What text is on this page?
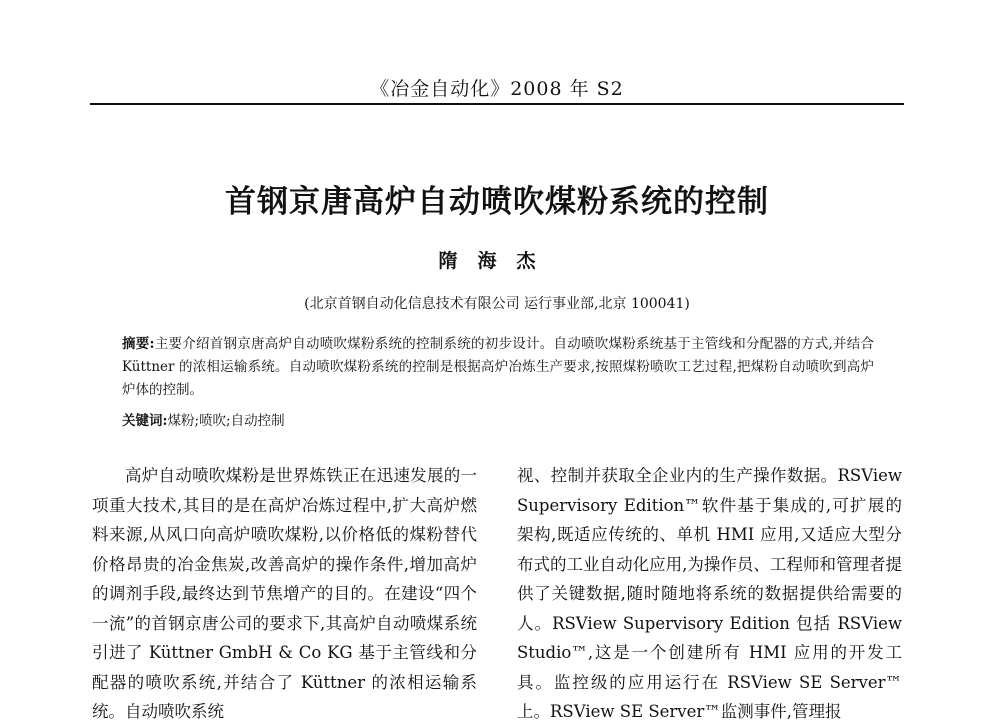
《冶金自动化》2008 年 S2
首钢京唐高炉自动喷吹煤粉系统的控制
隋海杰
(北京首钢自动化信息技术有限公司 运行事业部,北京 100041)
摘要:主要介绍首钢京唐高炉自动喷吹煤粉系统的控制系统的初步设计。自动喷吹煤粉系统基于主管线和分配器的方式,并结合 Küttner 的浓相运输系统。自动喷吹煤粉系统的控制是根据高炉冶炼生产要求,按照煤粉喷吹工艺过程,把煤粉自动喷吹到高炉炉体的控制。
关键词:煤粉;喷吹;自动控制

高炉自动喷吹煤粉是世界炼铁正在迅速发展的一项重大技术,其目的是在高炉冶炼过程中,扩大高炉燃料来源,从风口向高炉喷吹煤粉,以价格低的煤粉替代价格昂贵的冶金焦炭,改善高炉的操作条件,增加高炉的调剂手段,最终达到节焦增产的目的。在建设“四个一流”的首钢京唐公司的要求下,其高炉自动喷煤系统引进了 Küttner GmbH & Co KG 基于主管线和分配器的喷吹系统,并结合了 Küttner 的浓相运输系统。自动喷吹系统

视、控制并获取全企业内的生产操作数据。RSView Supervisory Edition™软件基于集成的,可扩展的架构,既适应传统的、单机 HMI 应用,又适应大型分布式的工业自动化应用,为操作员、工程师和管理者提供了关键数据,随时随地将系统的数据提供给需要的人。RSView Supervisory Edition 包括 RSView Studio™,这是一个创建所有 HMI 应用的开发工具。监控级的应用运行在 RSView SE Server™上。RSView SE Server™监测事件,管理报
